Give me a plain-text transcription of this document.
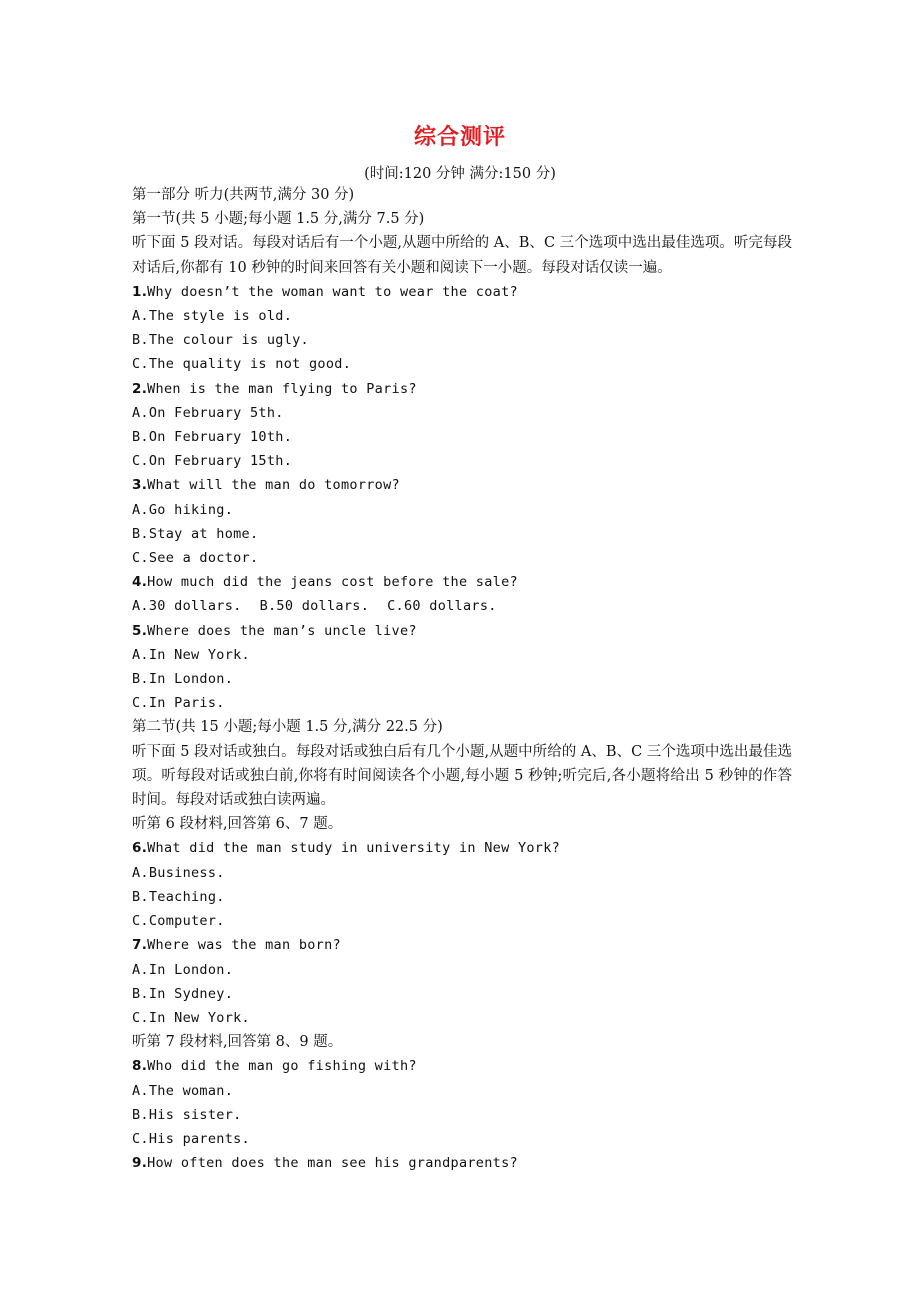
综合测评
(时间:120 分钟 满分:150 分)
第一部分 听力(共两节,满分 30 分)
第一节(共 5 小题;每小题 1.5 分,满分 7.5 分)
听下面 5 段对话。每段对话后有一个小题,从题中所给的 A、B、C 三个选项中选出最佳选项。听完每段对话后,你都有 10 秒钟的时间来回答有关小题和阅读下一小题。每段对话仅读一遍。
1.Why doesn’t the woman want to wear the coat?
A.The style is old.
B.The colour is ugly.
C.The quality is not good.
2.When is the man flying to Paris?
A.On February 5th.
B.On February 10th.
C.On February 15th.
3.What will the man do tomorrow?
A.Go hiking.
B.Stay at home.
C.See a doctor.
4.How much did the jeans cost before the sale?
A.30 dollars. B.50 dollars. C.60 dollars.
5.Where does the man’s uncle live?
A.In New York.
B.In London.
C.In Paris.
第二节(共 15 小题;每小题 1.5 分,满分 22.5 分)
听下面 5 段对话或独白。每段对话或独白后有几个小题,从题中所给的 A、B、C 三个选项中选出最佳选项。听每段对话或独白前,你将有时间阅读各个小题,每小题 5 秒钟;听完后,各小题将给出 5 秒钟的作答时间。每段对话或独白读两遍。
听第 6 段材料,回答第 6、7 题。
6.What did the man study in university in New York?
A.Business.
B.Teaching.
C.Computer.
7.Where was the man born?
A.In London.
B.In Sydney.
C.In New York.
听第 7 段材料,回答第 8、9 题。
8.Who did the man go fishing with?
A.The woman.
B.His sister.
C.His parents.
9.How often does the man see his grandparents?
